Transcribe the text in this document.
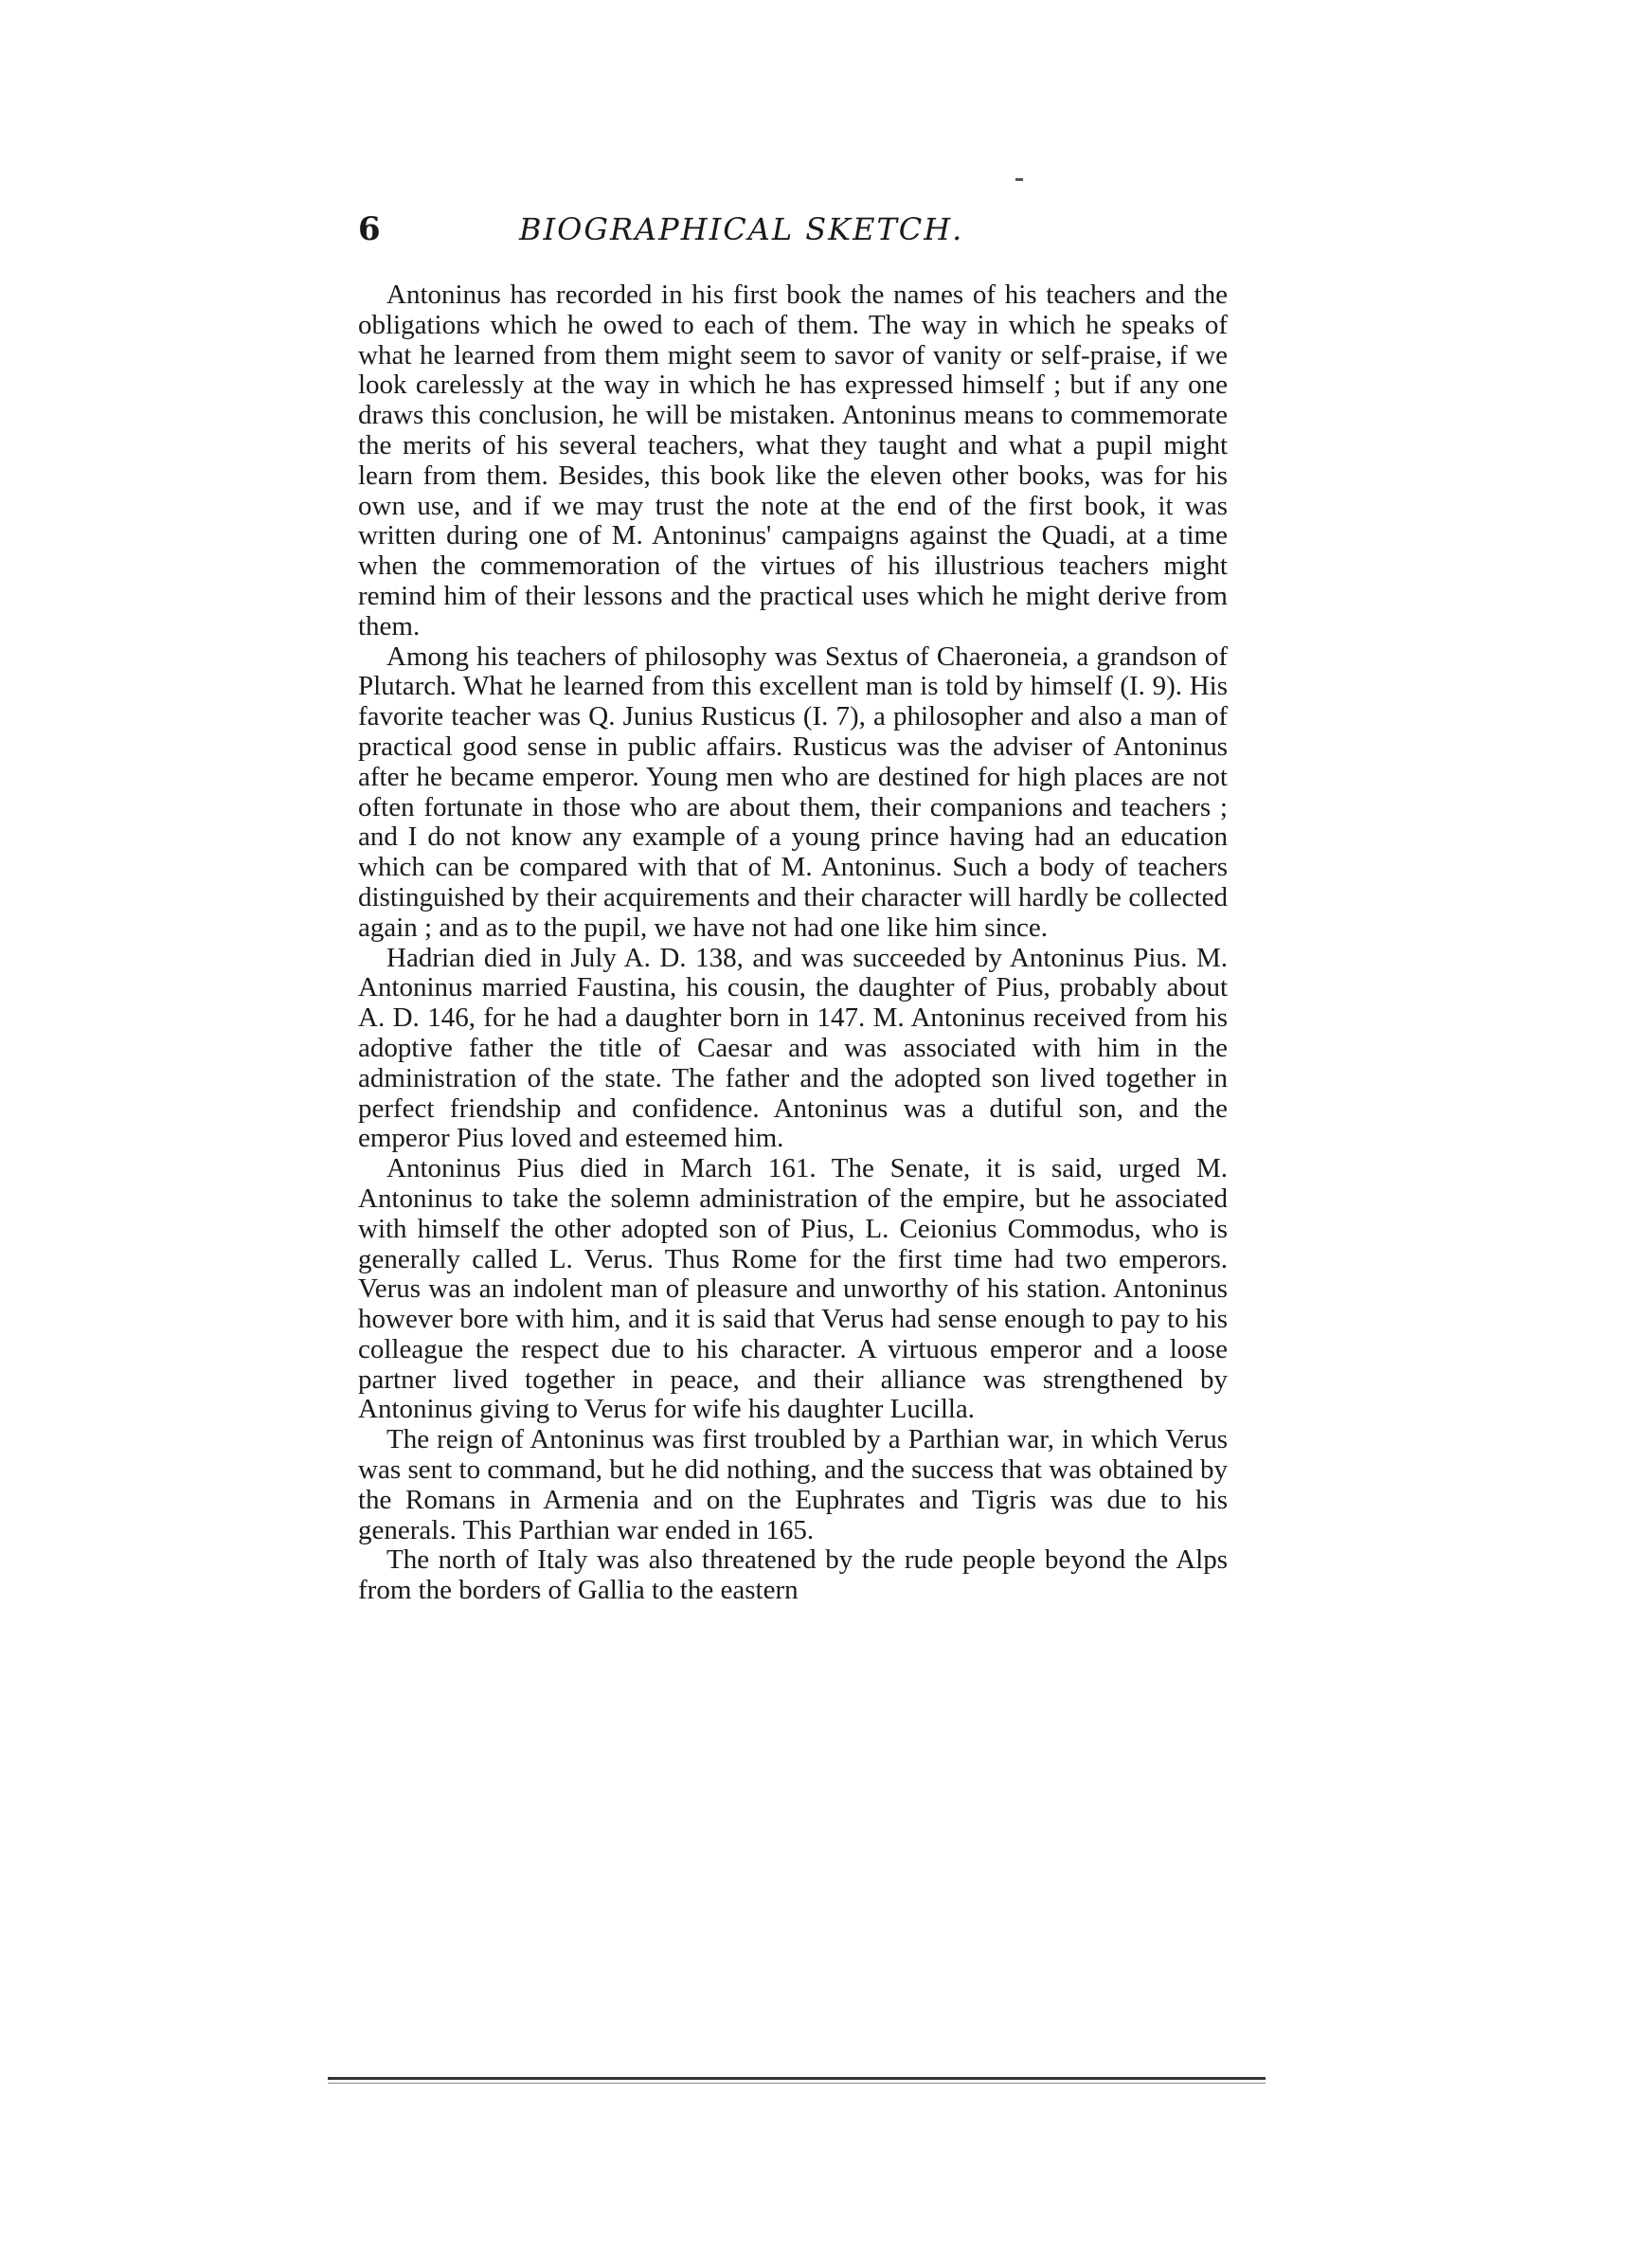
6	BIOGRAPHICAL SKETCH.

Antoninus has recorded in his first book the names of his teachers and the obligations which he owed to each of them. The way in which he speaks of what he learned from them might seem to savor of vanity or self-praise, if we look carelessly at the way in which he has expressed himself ; but if any one draws this conclusion, he will be mistaken. Antoninus means to commemorate the merits of his several teachers, what they taught and what a pupil might learn from them. Besides, this book like the eleven other books, was for his own use, and if we may trust the note at the end of the first book, it was written during one of M. Antoninus' campaigns against the Quadi, at a time when the commemoration of the virtues of his illustrious teachers might remind him of their lessons and the practical uses which he might derive from them.

Among his teachers of philosophy was Sextus of Chaeroneia, a grandson of Plutarch. What he learned from this excellent man is told by himself (I. 9). His favorite teacher was Q. Junius Rusticus (I. 7), a philosopher and also a man of practical good sense in public affairs. Rusticus was the adviser of Antoninus after he became emperor. Young men who are destined for high places are not often fortunate in those who are about them, their companions and teachers ; and I do not know any example of a young prince having had an education which can be compared with that of M. Antoninus. Such a body of teachers distinguished by their acquirements and their character will hardly be collected again ; and as to the pupil, we have not had one like him since.

Hadrian died in July A. D. 138, and was succeeded by Antoninus Pius. M. Antoninus married Faustina, his cousin, the daughter of Pius, probably about A. D. 146, for he had a daughter born in 147. M. Antoninus received from his adoptive father the title of Caesar and was associated with him in the administration of the state. The father and the adopted son lived together in perfect friendship and confidence. Antoninus was a dutiful son, and the emperor Pius loved and esteemed him.

Antoninus Pius died in March 161. The Senate, it is said, urged M. Antoninus to take the solemn administration of the empire, but he associated with himself the other adopted son of Pius, L. Ceionius Commodus, who is generally called L. Verus. Thus Rome for the first time had two emperors. Verus was an indolent man of pleasure and unworthy of his station. Antoninus however bore with him, and it is said that Verus had sense enough to pay to his colleague the respect due to his character. A virtuous emperor and a loose partner lived together in peace, and their alliance was strengthened by Antoninus giving to Verus for wife his daughter Lucilla.

The reign of Antoninus was first troubled by a Parthian war, in which Verus was sent to command, but he did nothing, and the success that was obtained by the Romans in Armenia and on the Euphrates and Tigris was due to his generals. This Parthian war ended in 165.

The north of Italy was also threatened by the rude people beyond the Alps from the borders of Gallia to the eastern
